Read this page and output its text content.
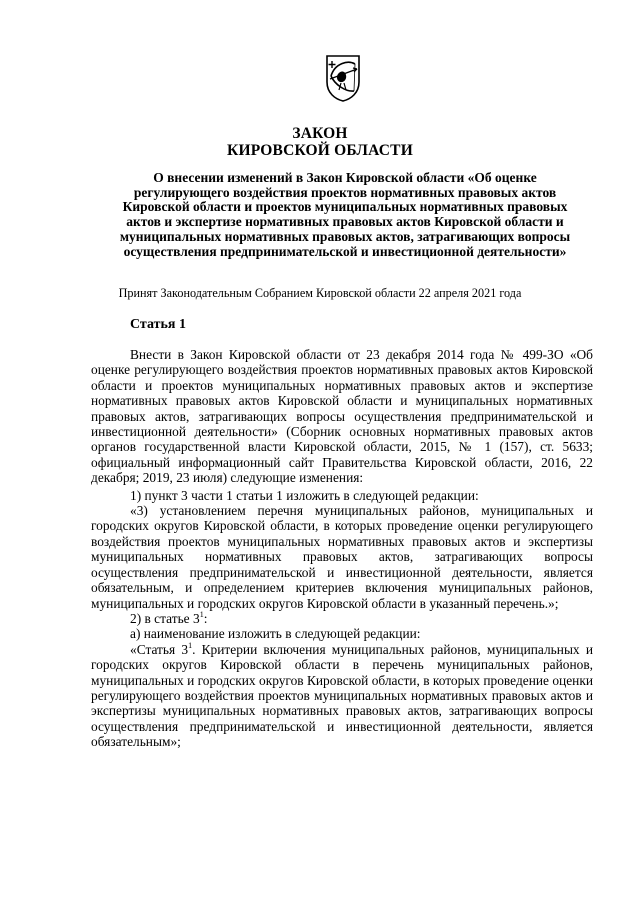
ЗАКОН
КИРОВСКОЙ ОБЛАСТИ
О внесении изменений в Закон Кировской области «Об оценке регулирующего воздействия проектов нормативных правовых актов Кировской области и проектов муниципальных нормативных правовых актов и экспертизе нормативных правовых актов Кировской области и муниципальных нормативных правовых актов, затрагивающих вопросы осуществления предпринимательской и инвестиционной деятельности»
Принят Законодательным Собранием Кировской области 22 апреля 2021 года
Статья 1

Внести в Закон Кировской области от 23 декабря 2014 года № 499-ЗО «Об оценке регулирующего воздействия проектов нормативных правовых актов Кировской области и проектов муниципальных нормативных правовых актов и экспертизе нормативных правовых актов Кировской области и муниципальных нормативных правовых актов, затрагивающих вопросы осуществления предпринимательской и инвестиционной деятельности» (Сборник основных нормативных правовых актов органов государственной власти Кировской области, 2015, № 1 (157), ст. 5633; официальный информационный сайт Правительства Кировской области, 2016, 22 декабря; 2019, 23 июля) следующие изменения:

1) пункт 3 части 1 статьи 1 изложить в следующей редакции:

«3) установлением перечня муниципальных районов, муниципальных и городских округов Кировской области, в которых проведение оценки регулирующего воздействия проектов муниципальных нормативных правовых актов и экспертизы муниципальных нормативных правовых актов, затрагивающих вопросы осуществления предпринимательской и инвестиционной деятельности, является обязательным, и определением критериев включения муниципальных районов, муниципальных и городских округов Кировской области в указанный перечень.»;

2) в статье $3^1$:

а) наименование изложить в следующей редакции:

«Статья $3^1$. Критерии включения муниципальных районов, муниципальных и городских округов Кировской области в перечень муниципальных районов, муниципальных и городских округов Кировской области, в которых проведение оценки регулирующего воздействия проектов муниципальных нормативных правовых актов и экспертизы муниципальных нормативных правовых актов, затрагивающих вопросы осуществления предпринимательской и инвестиционной деятельности, является обязательным»;
